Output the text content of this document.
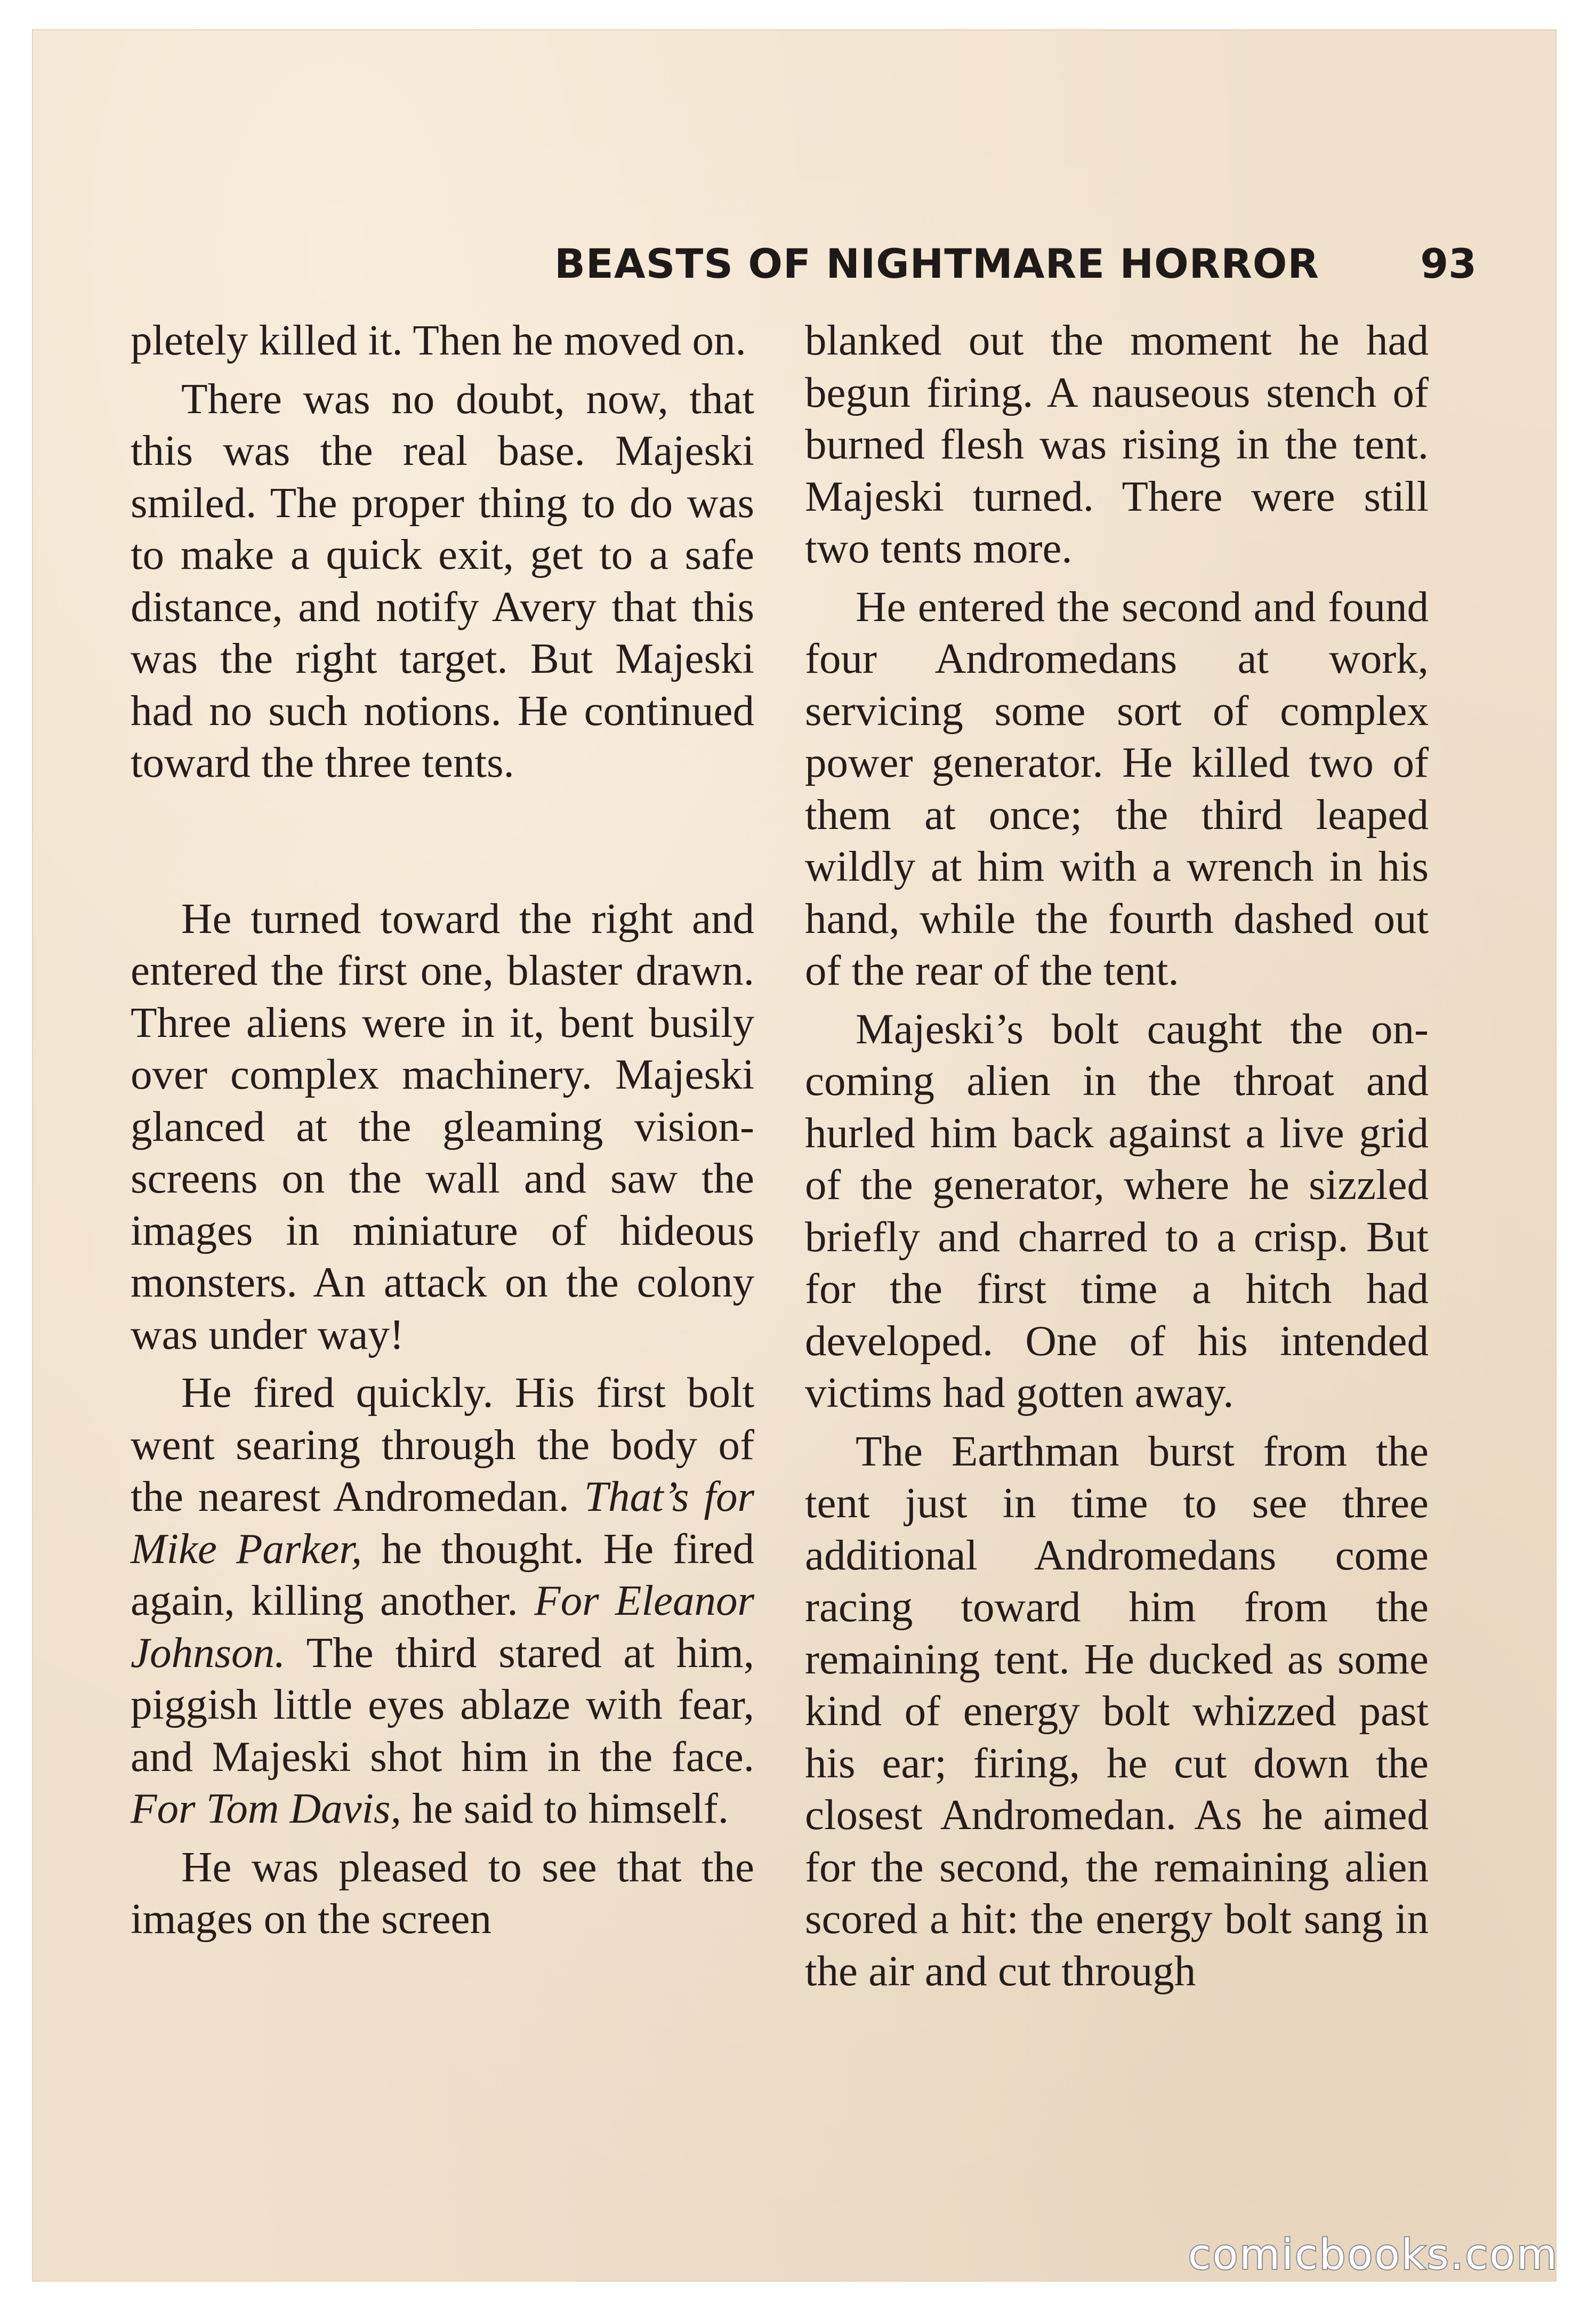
BEASTS OF NIGHTMARE HORROR 93

pletely killed it. Then he moved on.

There was no doubt, now, that this was the real base. Majeski smiled. The proper thing to do was to make a quick exit, get to a safe distance, and notify Avery that this was the right target. But Majeski had no such notions. He continued toward the three tents.

He turned toward the right and entered the first one, blaster drawn. Three aliens were in it, bent busily over complex machinery. Majeski glanced at the gleaming visionscreens on the wall and saw the images in miniature of hideous monsters. An attack on the colony was under way!

He fired quickly. His first bolt went searing through the body of the nearest Andromedan. That’s for Mike Parker, he thought. He fired again, killing another. For Eleanor Johnson. The third stared at him, piggish little eyes ablaze with fear, and Majeski shot him in the face. For Tom Davis, he said to himself.

He was pleased to see that the images on the screen

blanked out the moment he had begun firing. A nauseous stench of burned flesh was rising in the tent. Majeski turned. There were still two tents more.

He entered the second and found four Andromedans at work, servicing some sort of complex power generator. He killed two of them at once; the third leaped wildly at him with a wrench in his hand, while the fourth dashed out of the rear of the tent.

Majeski’s bolt caught the oncoming alien in the throat and hurled him back against a live grid of the generator, where he sizzled briefly and charred to a crisp. But for the first time a hitch had developed. One of his intended victims had gotten away.

The Earthman burst from the tent just in time to see three additional Andromedans come racing toward him from the remaining tent. He ducked as some kind of energy bolt whizzed past his ear; firing, he cut down the closest Andromedan. As he aimed for the second, the remaining alien scored a hit: the energy bolt sang in the air and cut through

comicbooks.com
